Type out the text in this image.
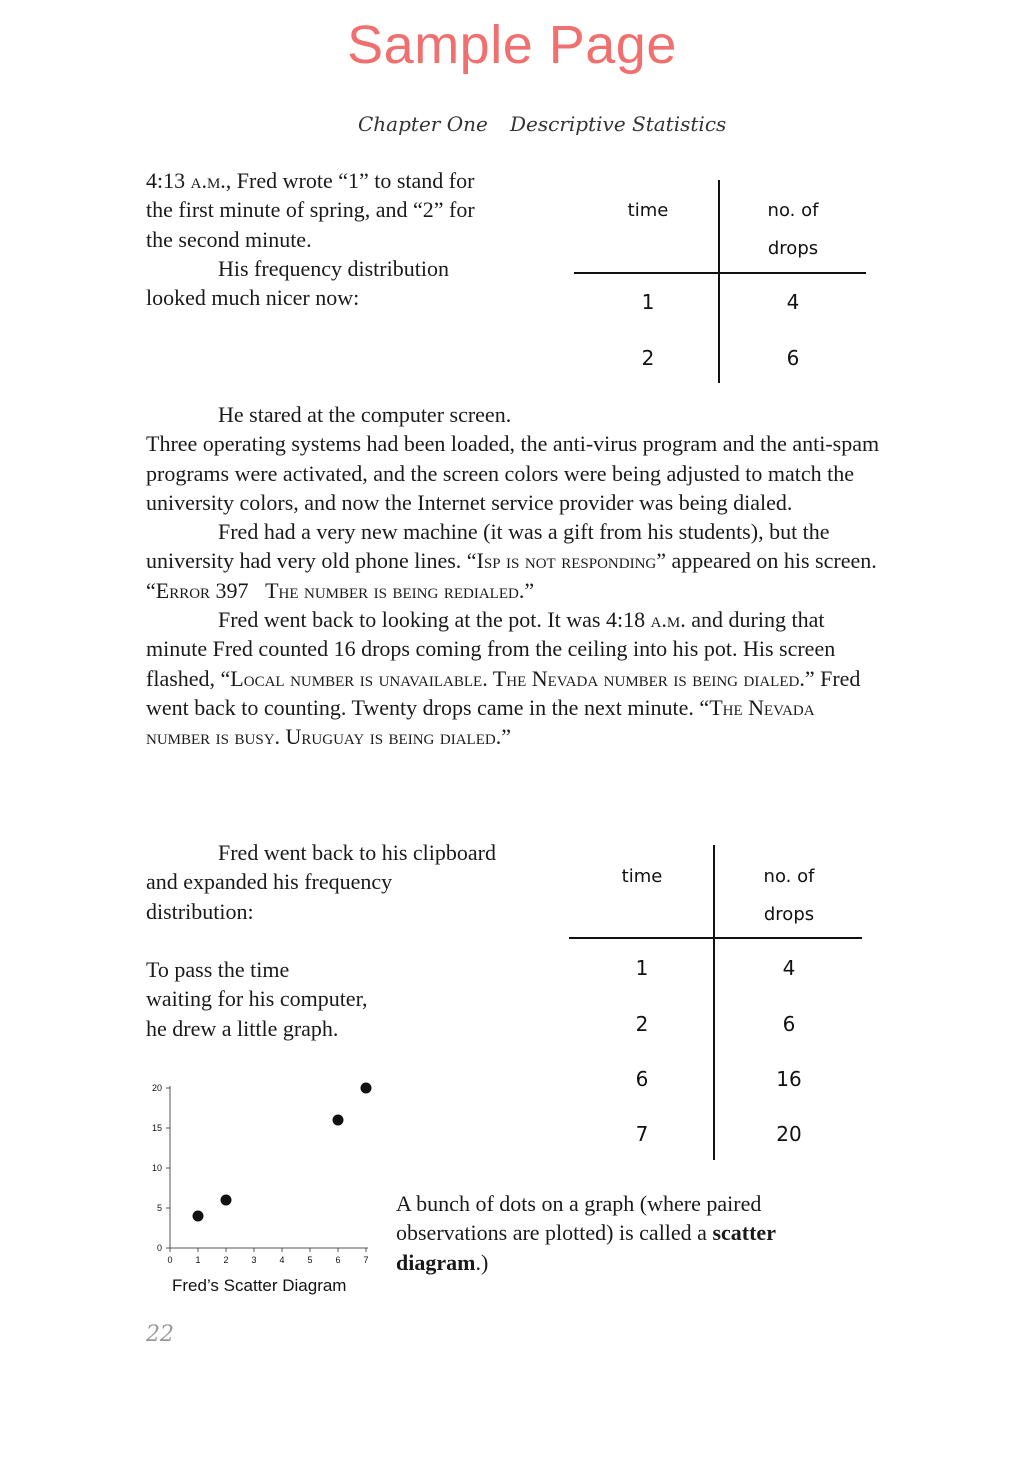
Sample Page
Chapter One Descriptive Statistics

4:13 a.m., Fred wrote “1” to stand for

the first minute of spring, and “2” for

the second minute.

His frequency distribution

looked much nicer now:

time	no. of
drops
1	4
2	6

He stared at the computer screen.

Three operating systems had been loaded, the anti-virus program and the anti-spam programs were activated, and the screen colors were being adjusted to match the university colors, and now the Internet service provider was being dialed.

Fred had a very new machine (it was a gift from his students), but the university had very old phone lines. “Isp is not responding” appeared on his screen. “Error 397 The number is being redialed.”

Fred went back to looking at the pot. It was 4:18 a.m. and during that minute Fred counted 16 drops coming from the ceiling into his pot. His screen flashed, “Local number is unavailable. The Nevada number is being dialed.” Fred went back to counting. Twenty drops came in the next minute. “The Nevada number is busy. Uruguay is being dialed.”

Fred went back to his clipboard

and expanded his frequency

distribution:

To pass the time

waiting for his computer,

he drew a little graph.

time	no. of
drops
1	4
2	6
6	16
7	20
0	1	2	3	4	5	6	7
0
5
10
15
20
Fred’s Scatter Diagram

A bunch of dots on a graph (where paired observations are plotted) is called a scatter diagram.)

22
